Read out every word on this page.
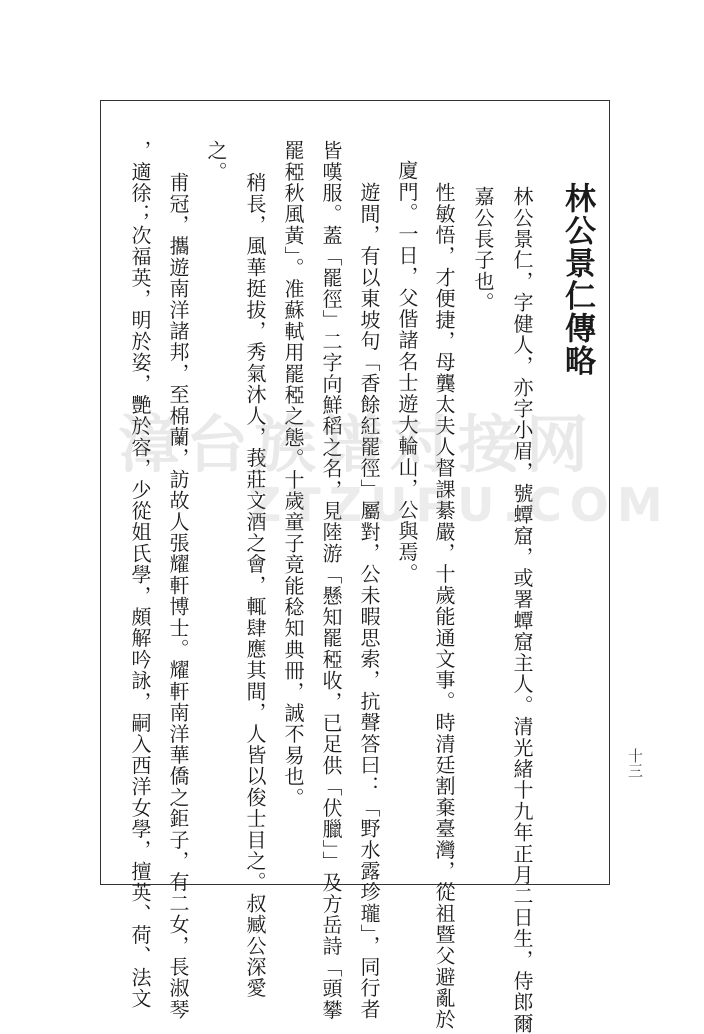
林公景仁傳略
林公景仁，字健人，亦字小眉，號蟫窟，或署蟫窟主人。清光緒十九年正月二日生，侍郎爾
嘉公長子也。
性敏悟，才便捷，母龔太夫人督課綦嚴，十歲能通文事。時清廷割棄臺灣，從祖暨父避亂於
廈門。一日，父偕諸名士遊大輪山，公與焉。
遊間，有以東坡句「香餘紅罷徑」屬對，公未暇思索，抗聲答曰：「野水露珍瓏」，同行者
皆嘆服。蓋「罷徑」二字向鮮稻之名，見陸游「懸知罷稏收，已足供「伏臘」」及方岳詩「頭攀
罷稏秋風黃」。准蘇軾用罷稏之態。十歲童子竟能稔知典冊，誠不易也。
稍長，風華挺拔，秀氣沐人，莪莊文酒之會，輒肆應其間，人皆以俊士目之。叔臧公深愛
之。
甫冠，攜遊南洋諸邦，至棉蘭，訪故人張耀軒博士。耀軒南洋華僑之鉅子，有二女，長淑琴
，適徐；次福英，明於姿，艷於容，少從姐氏學，頗解吟詠，嗣入西洋女學，擅英、荷、法文	十三
漳台族谱对接网
ZTZUPU.COM
